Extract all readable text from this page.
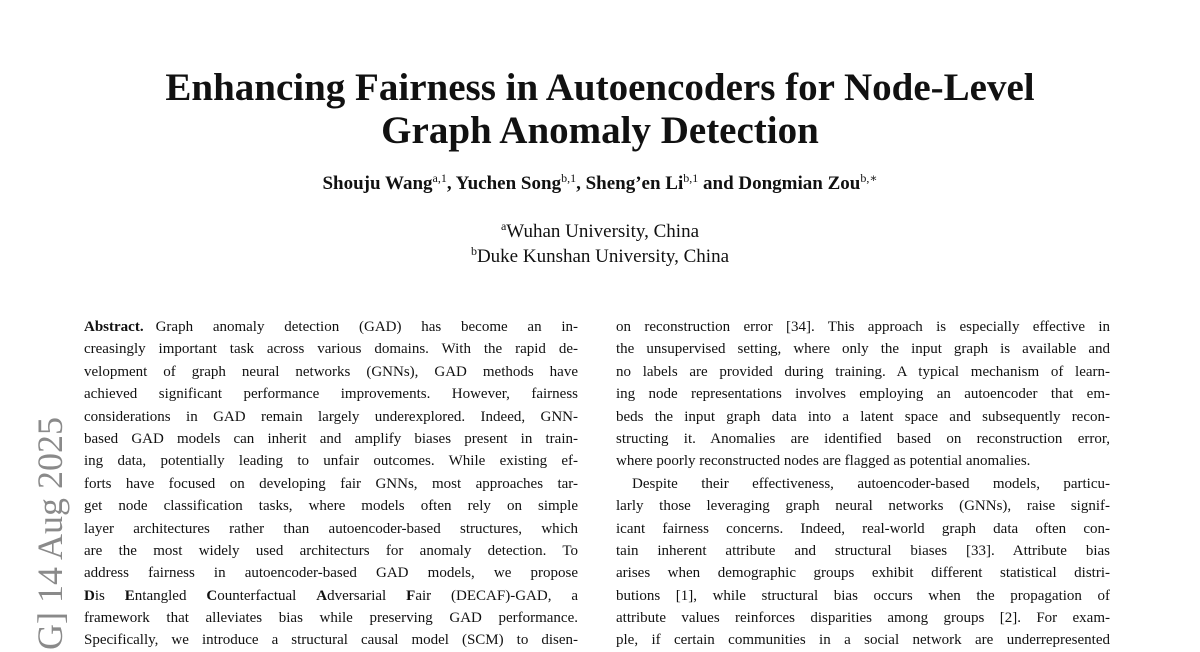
G] 14 Aug 2025
Enhancing Fairness in Autoencoders for Node-Level
Graph Anomaly Detection
Shouju Wang$^{a,1}$, Yuchen Song$^{b,1}$, Sheng’en Li$^{b,1}$ and Dongmian Zou$^{b,∗}$
$^a$Wuhan University, China
$^b$Duke Kunshan University, China
Abstract. Graph anomaly detection (GAD) has become an in-
creasingly important task across various domains. With the rapid de-
velopment of graph neural networks (GNNs), GAD methods have
achieved significant performance improvements. However, fairness
considerations in GAD remain largely underexplored. Indeed, GNN-
based GAD models can inherit and amplify biases present in train-
ing data, potentially leading to unfair outcomes. While existing ef-
forts have focused on developing fair GNNs, most approaches tar-
get node classification tasks, where models often rely on simple
layer architectures rather than autoencoder-based structures, which
are the most widely used architecturs for anomaly detection. To
address fairness in autoencoder-based GAD models, we propose
Dis Entangled Counterfactual Adversarial Fair (DECAF)-GAD, a
framework that alleviates bias while preserving GAD performance.
Specifically, we introduce a structural causal model (SCM) to disen-
on reconstruction error [34]. This approach is especially effective in
the unsupervised setting, where only the input graph is available and
no labels are provided during training. A typical mechanism of learn-
ing node representations involves employing an autoencoder that em-
beds the input graph data into a latent space and subsequently recon-
structing it. Anomalies are identified based on reconstruction error,
where poorly reconstructed nodes are flagged as potential anomalies.
Despite their effectiveness, autoencoder-based models, particu-
larly those leveraging graph neural networks (GNNs), raise signif-
icant fairness concerns. Indeed, real-world graph data often con-
tain inherent attribute and structural biases [33]. Attribute bias
arises when demographic groups exhibit different statistical distri-
butions [1], while structural bias occurs when the propagation of
attribute values reinforces disparities among groups [2]. For exam-
ple, if certain communities in a social network are underrepresented
